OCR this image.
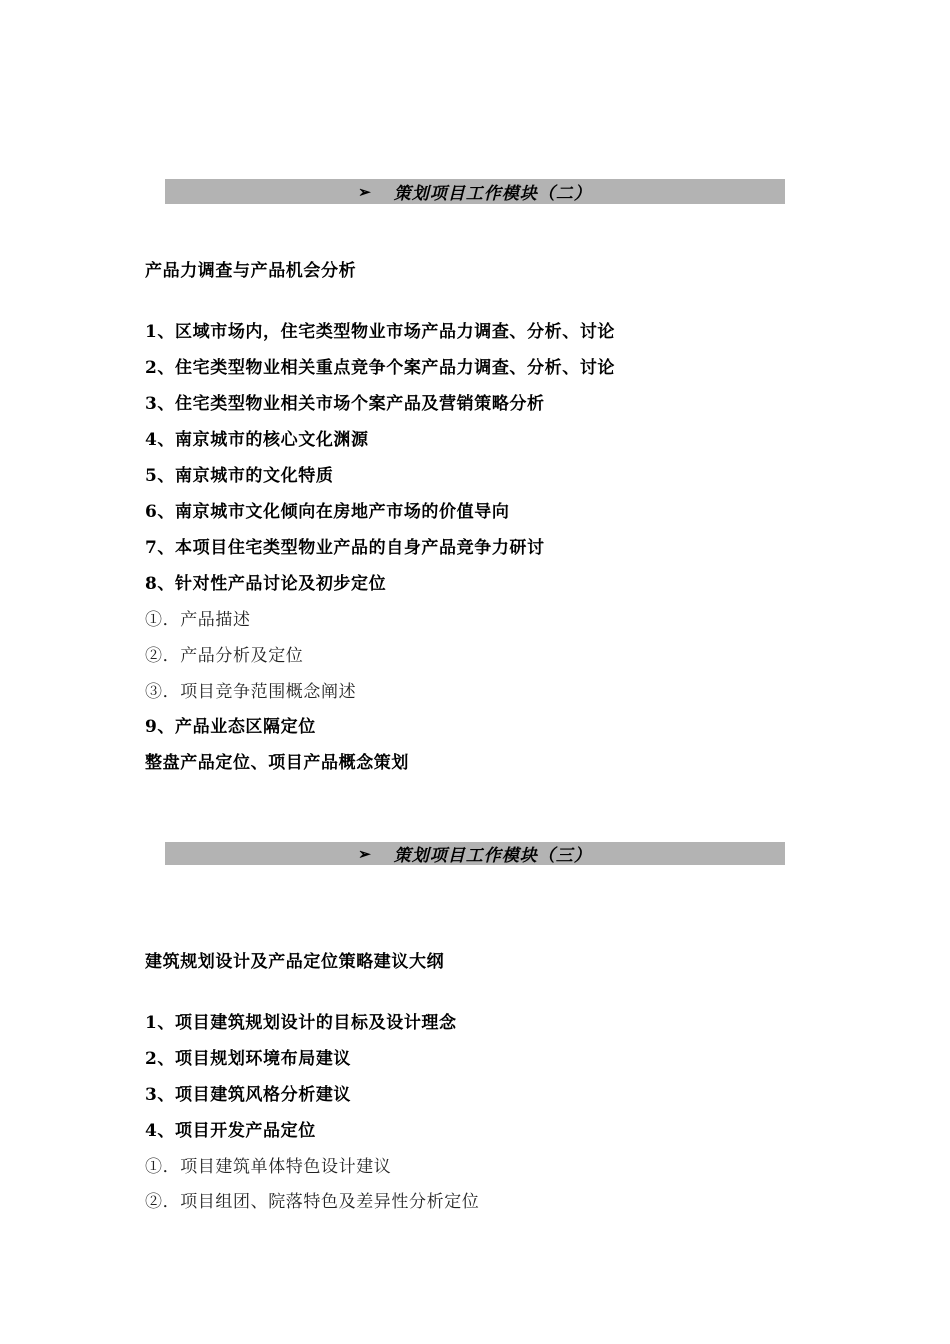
➢ 策划项目工作模块（二）
产品力调查与产品机会分析
1、区域市场内，住宅类型物业市场产品力调查、分析、讨论
2、住宅类型物业相关重点竞争个案产品力调查、分析、讨论
3、住宅类型物业相关市场个案产品及营销策略分析
4、南京城市的核心文化渊源
5、南京城市的文化特质
6、南京城市文化倾向在房地产市场的价值导向
7、本项目住宅类型物业产品的自身产品竞争力研讨
8、针对性产品讨论及初步定位
①．产品描述
②．产品分析及定位
③．项目竞争范围概念阐述
9、产品业态区隔定位
整盘产品定位、项目产品概念策划
➢ 策划项目工作模块（三）
建筑规划设计及产品定位策略建议大纲
1、项目建筑规划设计的目标及设计理念
2、项目规划环境布局建议
3、项目建筑风格分析建议
4、项目开发产品定位
①．项目建筑单体特色设计建议
②．项目组团、院落特色及差异性分析定位
